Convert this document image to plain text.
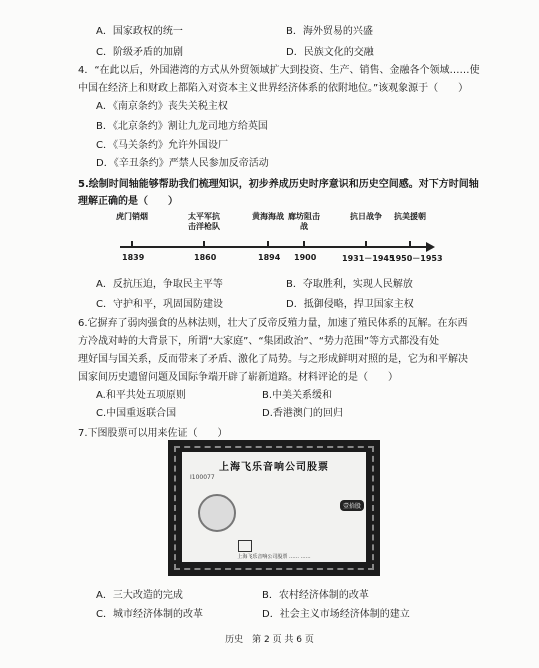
A．国家政权的统一	B．海外贸易的兴盛
C．阶级矛盾的加剧	D．民族文化的交融
4．“在此以后，外国港湾的方式从外贸领域扩大到投资、生产、销售、金融各个领域……使
中国在经济上和财政上都陷入对资本主义世界经济体系的依附地位。”该观象源于（　　）
A．《南京条约》丧失关税主权
B．《北京条约》割让九龙司地方给英国
C．《马关条约》允许外国设厂
D．《辛丑条约》严禁人民参加反帝活动
5.绘制时间轴能够帮助我们梳理知识，初步养成历史时序意识和历史空间感。对下方时间轴
理解正确的是（　　）
虎门销烟
1839
太平军抗击洋枪队
1860
黄海海战
1894
廊坊阻击战
1900
抗日战争
1931－1945
抗美援朝
1950－1953
A．反抗压迫，争取民主平等	B．夺取胜利，实现人民解放
C．守护和平，巩固国防建设	D．抵御侵略，捍卫国家主权
6.它摒弃了弱肉强食的丛林法则，壮大了反帝反殖力量，加速了殖民体系的瓦解。在东西
方冷战对峙的大背景下，所谓“大家庭”、“集团政治”、“势力范围”等方式都没有处
理好国与国关系，反而带来了矛盾、激化了局势。与之形成鲜明对照的是，它为和平解决
国家间历史遗留问题及国际争端开辟了崭新道路。材料评论的是（　　）
A.和平共处五项原则	B.中美关系缓和
C.中国重返联合国	D.香港澳门的回归
7.下图股票可以用来佐证（　　）
上海飞乐音响公司股票
I100077
壹拾股
上海飞乐音响公司股票 …… ……
A．三大改造的完成	B．农村经济体制的改革
C．城市经济体制的改革	D．社会主义市场经济体制的建立
历史　第 2 页 共 6 页
